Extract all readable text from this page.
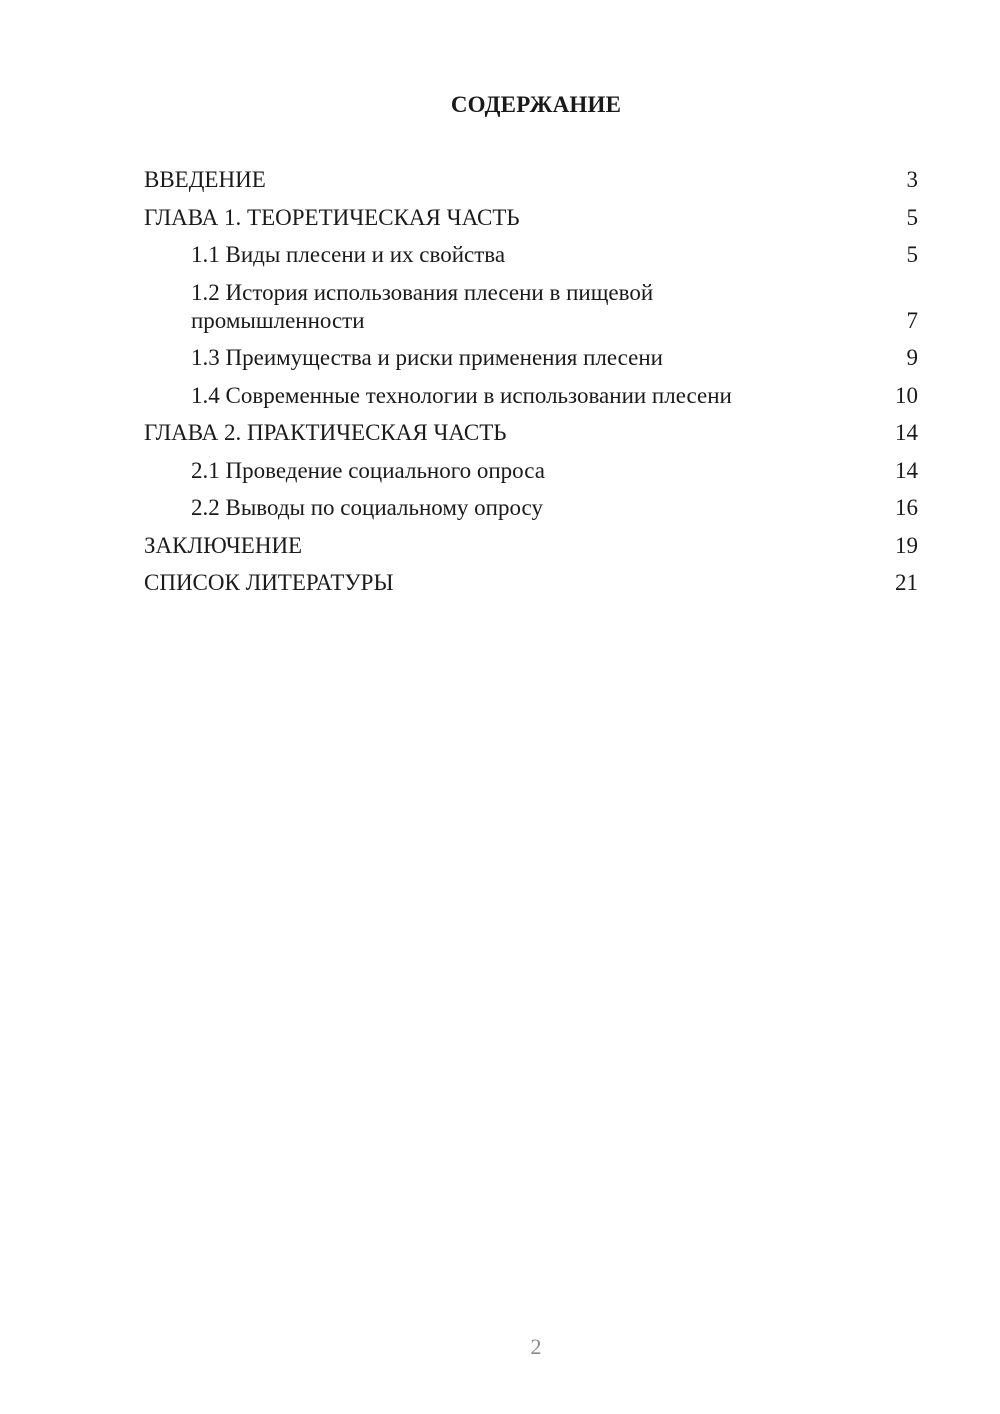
СОДЕРЖАНИЕ
ВВЕДЕНИЕ	3
ГЛАВА 1. ТЕОРЕТИЧЕСКАЯ ЧАСТЬ	5
1.1 Виды плесени и их свойства	5
1.2 История использования плесени в пищевой промышленности	7
1.3 Преимущества и риски применения плесени	9
1.4 Современные технологии в использовании плесени	10
ГЛАВА 2. ПРАКТИЧЕСКАЯ ЧАСТЬ	14
2.1 Проведение социального опроса	14
2.2 Выводы по социальному опросу	16
ЗАКЛЮЧЕНИЕ	19
СПИСОК ЛИТЕРАТУРЫ	21
2
